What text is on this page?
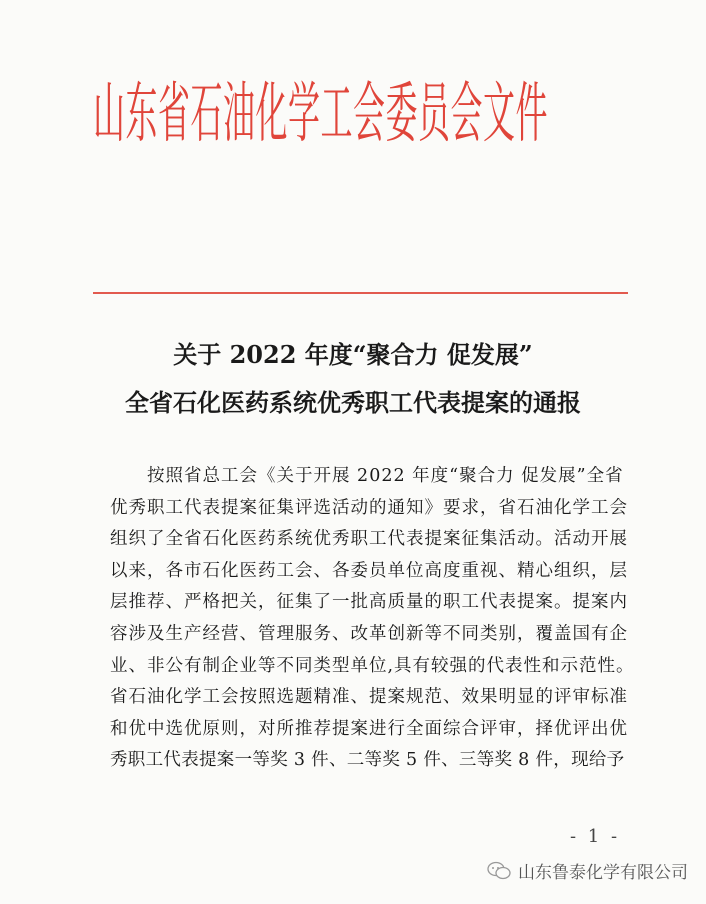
山东省石油化学工会委员会文件
关于 2022 年度“聚合力 促发展”
全省石化医药系统优秀职工代表提案的通报
　　按照省总工会《关于开展 2022 年度“聚合力 促发展”全省
优秀职工代表提案征集评选活动的通知》要求，省石油化学工会
组织了全省石化医药系统优秀职工代表提案征集活动。活动开展
以来，各市石化医药工会、各委员单位高度重视、精心组织，层
层推荐、严格把关，征集了一批高质量的职工代表提案。提案内
容涉及生产经营、管理服务、改革创新等不同类别，覆盖国有企
业、非公有制企业等不同类型单位,具有较强的代表性和示范性。
省石油化学工会按照选题精准、提案规范、效果明显的评审标准
和优中选优原则，对所推荐提案进行全面综合评审，择优评出优
秀职工代表提案一等奖 3 件、二等奖 5 件、三等奖 8 件，现给予
- 1 -
山东鲁泰化学有限公司
